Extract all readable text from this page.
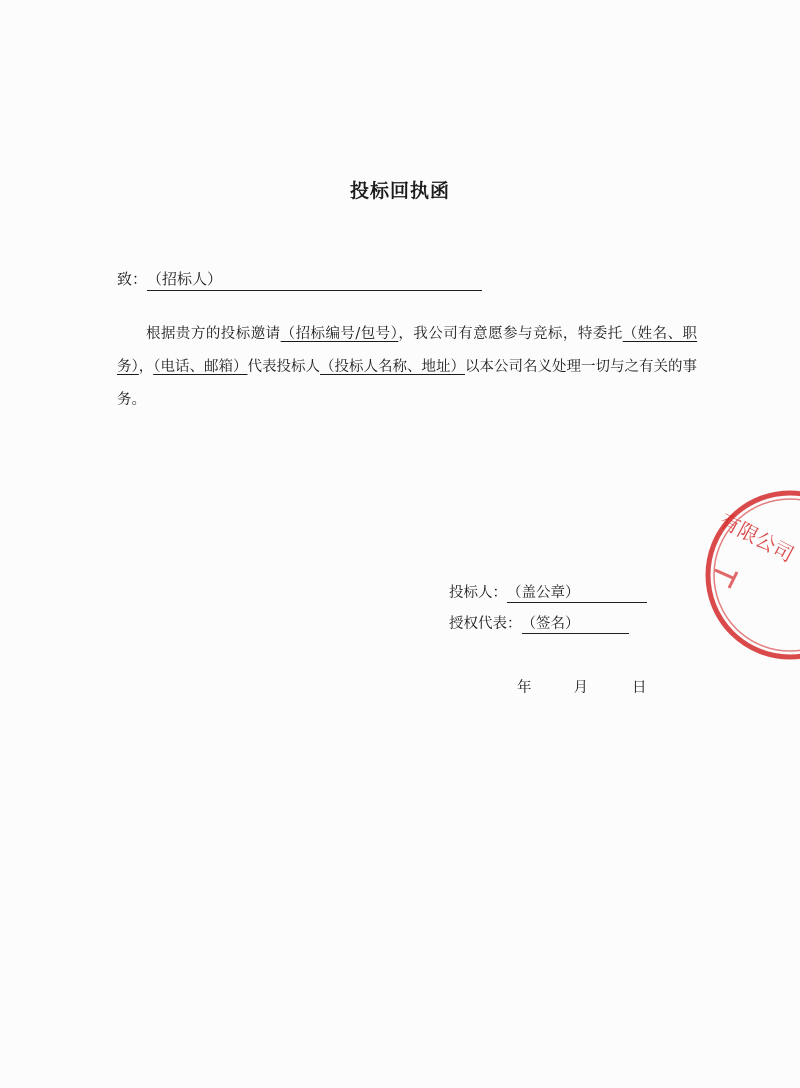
投标回执函
致：（招标人）
根据贵方的投标邀请（招标编号/包号），我公司有意愿参与竞标，特委托（姓名、职务），（电话、邮箱）代表投标人（投标人名称、地址）以本公司名义处理一切与之有关的事务。
投标人：（盖公章）
授权代表：（签名）
年	月	日
有限公司
